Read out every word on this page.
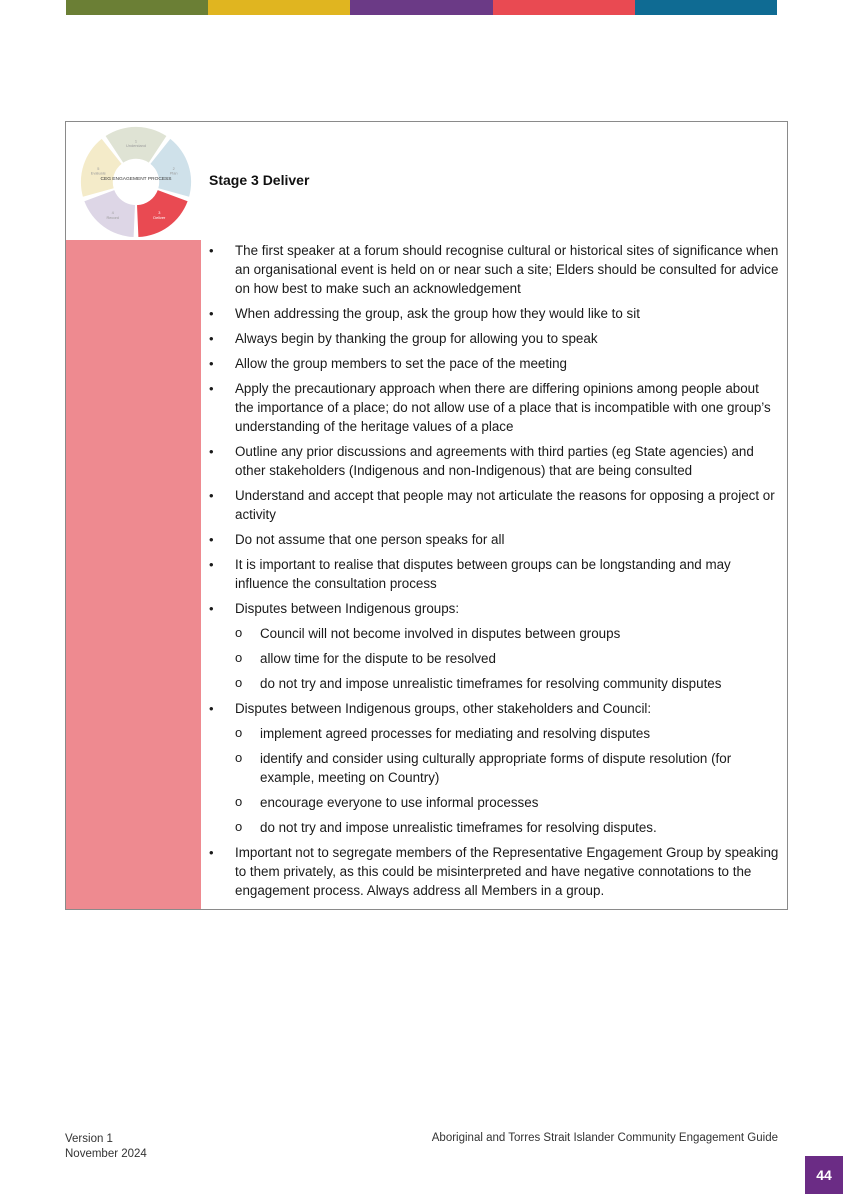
1 Understand
2 Plan
3 Deliver
4 Record
5 Evaluate
CEG ENGAGEMENT PROCESS	Stage 3 Deliver
• The first speaker at a forum should recognise cultural or historical sites of significance when an organisational event is held on or near such a site; Elders should be consulted for advice on how best to make such an acknowledgement
• When addressing the group, ask the group how they would like to sit
• Always begin by thanking the group for allowing you to speak
• Allow the group members to set the pace of the meeting
• Apply the precautionary approach when there are differing opinions among people about the importance of a place; do not allow use of a place that is incompatible with one group’s understanding of the heritage values of a place
• Outline any prior discussions and agreements with third parties (eg State agencies) and other stakeholders (Indigenous and non-Indigenous) that are being consulted
• Understand and accept that people may not articulate the reasons for opposing a project or activity
• Do not assume that one person speaks for all
• It is important to realise that disputes between groups can be longstanding and may influence the consultation process
• Disputes between Indigenous groups:
o Council will not become involved in disputes between groups
o allow time for the dispute to be resolved
o do not try and impose unrealistic timeframes for resolving community disputes
• Disputes between Indigenous groups, other stakeholders and Council:
o implement agreed processes for mediating and resolving disputes
o identify and consider using culturally appropriate forms of dispute resolution (for example, meeting on Country)
o encourage everyone to use informal processes
o do not try and impose unrealistic timeframes for resolving disputes.
• Important not to segregate members of the Representative Engagement Group by speaking to them privately, as this could be misinterpreted and have negative connotations to the engagement process. Always address all Members in a group.
Version 1
November 2024
Aboriginal and Torres Strait Islander Community Engagement Guide
44
